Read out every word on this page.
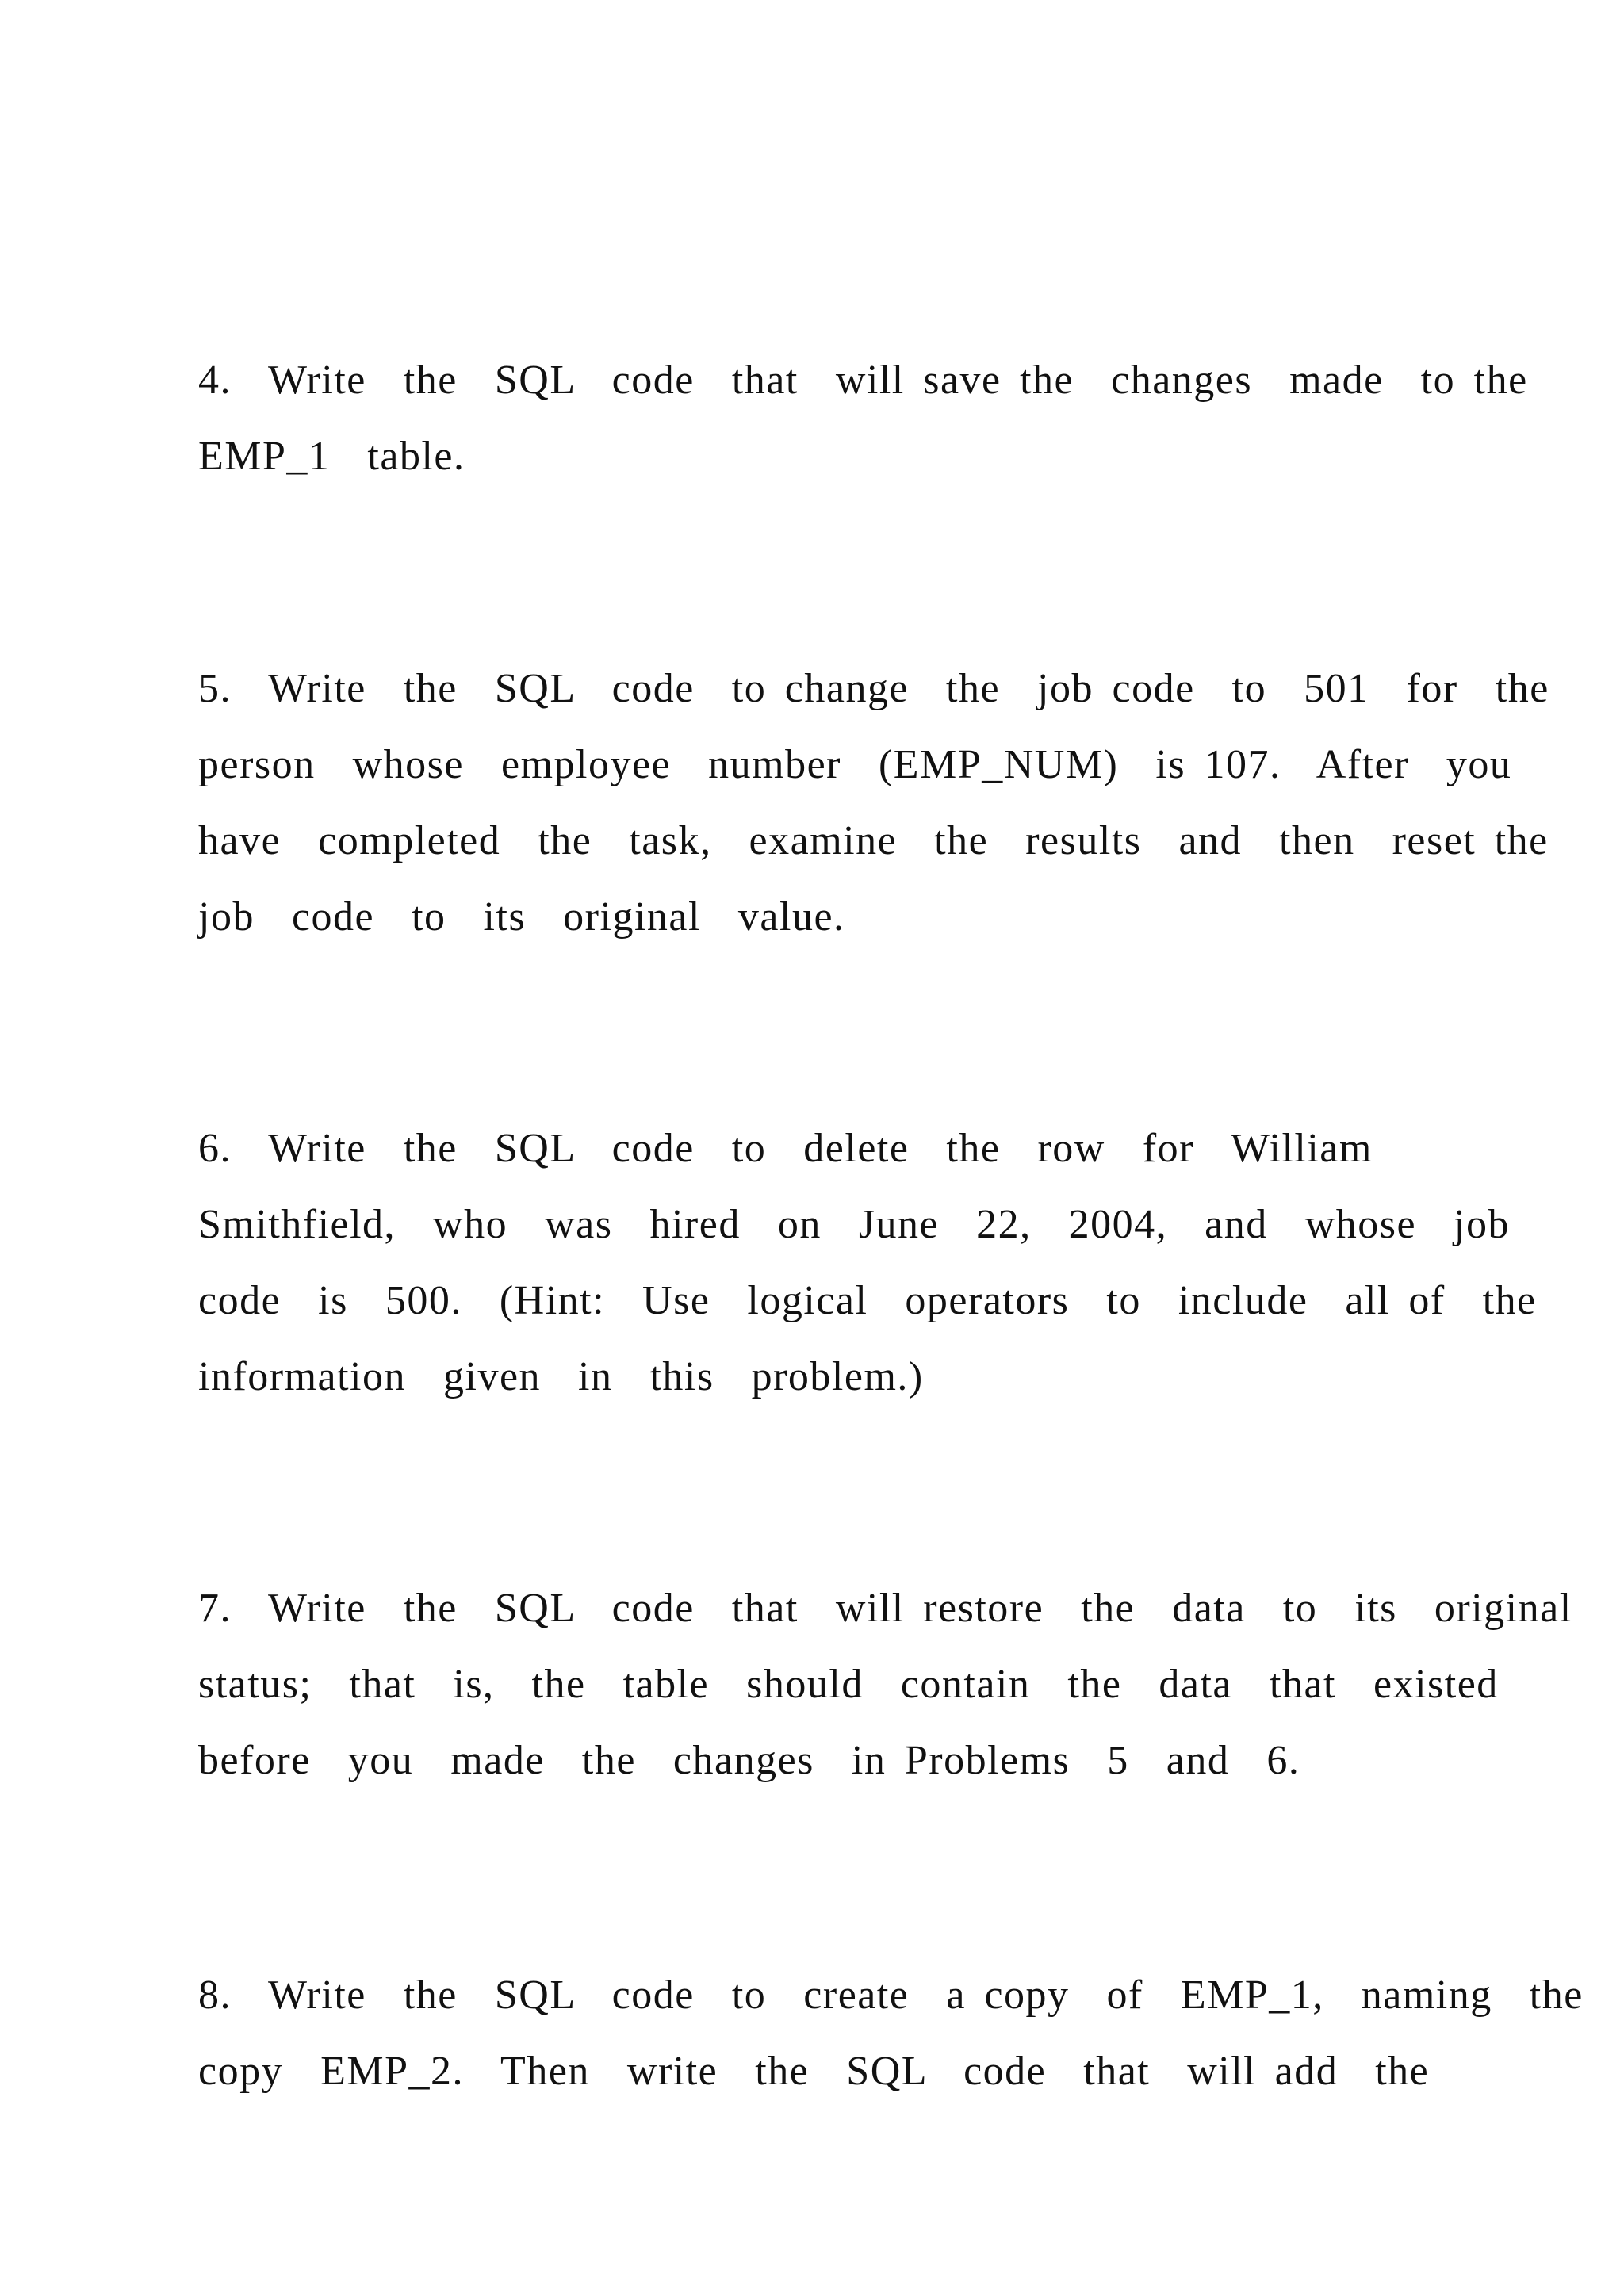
4.  Write  the  SQL  code  that  will save the  changes  made  to the

EMP_1  table.

5.  Write  the  SQL  code  to change  the  job code  to  501  for  the

person  whose  employee  number  (EMP_NUM)  is 107.  After  you

have  completed  the  task,  examine  the  results  and  then  reset the

job  code  to  its  original  value.

6.  Write  the  SQL  code  to  delete  the  row  for  William

Smithfield,  who  was  hired  on  June  22,  2004,  and  whose  job

code  is  500.  (Hint:  Use  logical  operators  to  include  all of  the

information  given  in  this  problem.)

7.  Write  the  SQL  code  that  will restore  the  data  to  its  original

status;  that  is,  the  table  should  contain  the  data  that  existed

before  you  made  the  changes  in Problems  5  and  6.

8.  Write  the  SQL  code  to  create  a copy  of  EMP_1,  naming  the

copy  EMP_2.  Then  write  the  SQL  code  that  will add  the
